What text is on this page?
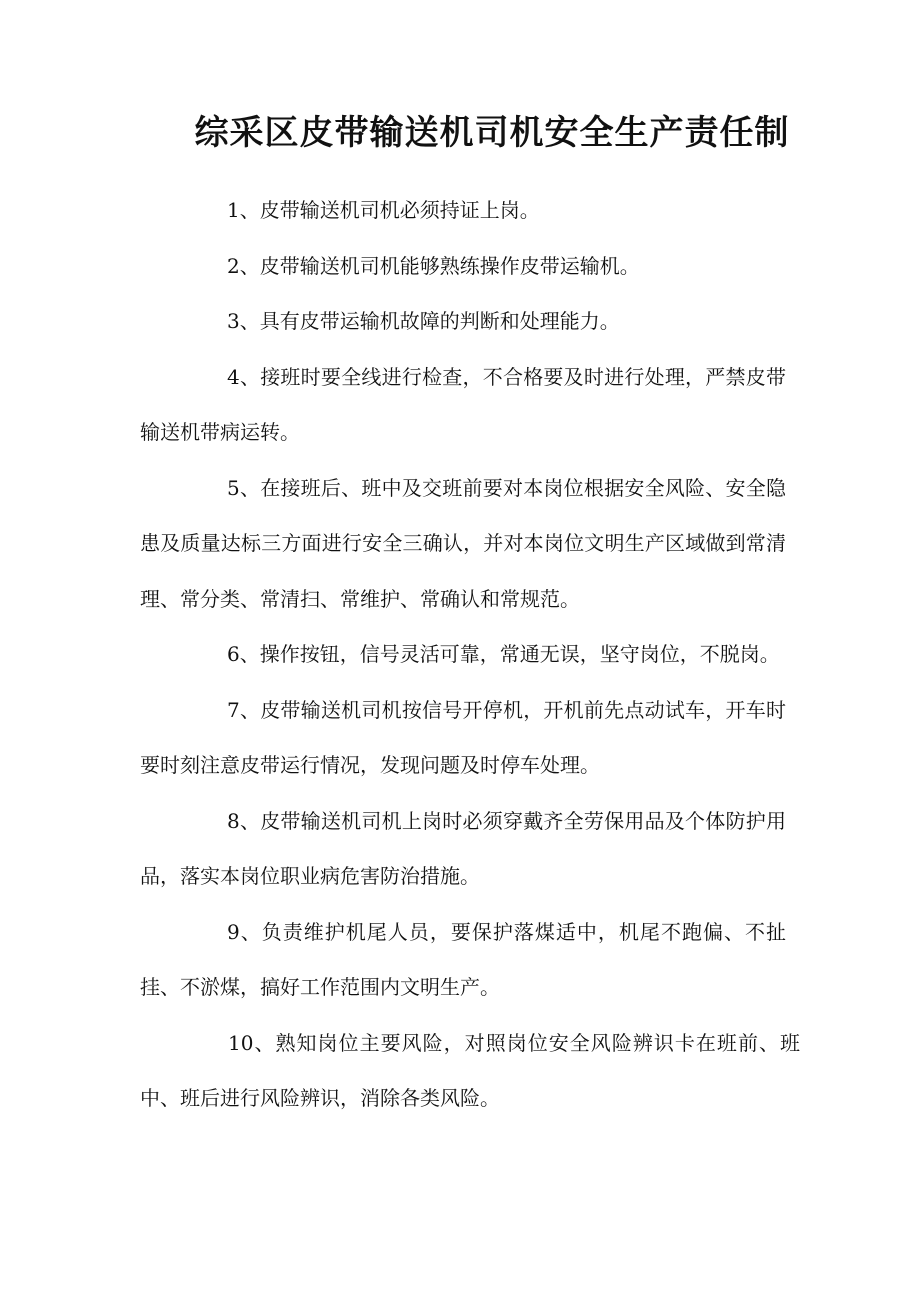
综采区皮带输送机司机安全生产责任制

1、皮带输送机司机必须持证上岗。

2、皮带输送机司机能够熟练操作皮带运输机。

3、具有皮带运输机故障的判断和处理能力。

4、接班时要全线进行检查，不合格要及时进行处理，严禁皮带输送机带病运转。

5、在接班后、班中及交班前要对本岗位根据安全风险、安全隐患及质量达标三方面进行安全三确认，并对本岗位文明生产区域做到常清理、常分类、常清扫、常维护、常确认和常规范。

6、操作按钮，信号灵活可靠，常通无误，坚守岗位，不脱岗。

7、皮带输送机司机按信号开停机，开机前先点动试车，开车时要时刻注意皮带运行情况，发现问题及时停车处理。

8、皮带输送机司机上岗时必须穿戴齐全劳保用品及个体防护用品，落实本岗位职业病危害防治措施。

9、负责维护机尾人员，要保护落煤适中，机尾不跑偏、不扯挂、不淤煤，搞好工作范围内文明生产。

10、熟知岗位主要风险，对照岗位安全风险辨识卡在班前、班中、班后进行风险辨识，消除各类风险。
